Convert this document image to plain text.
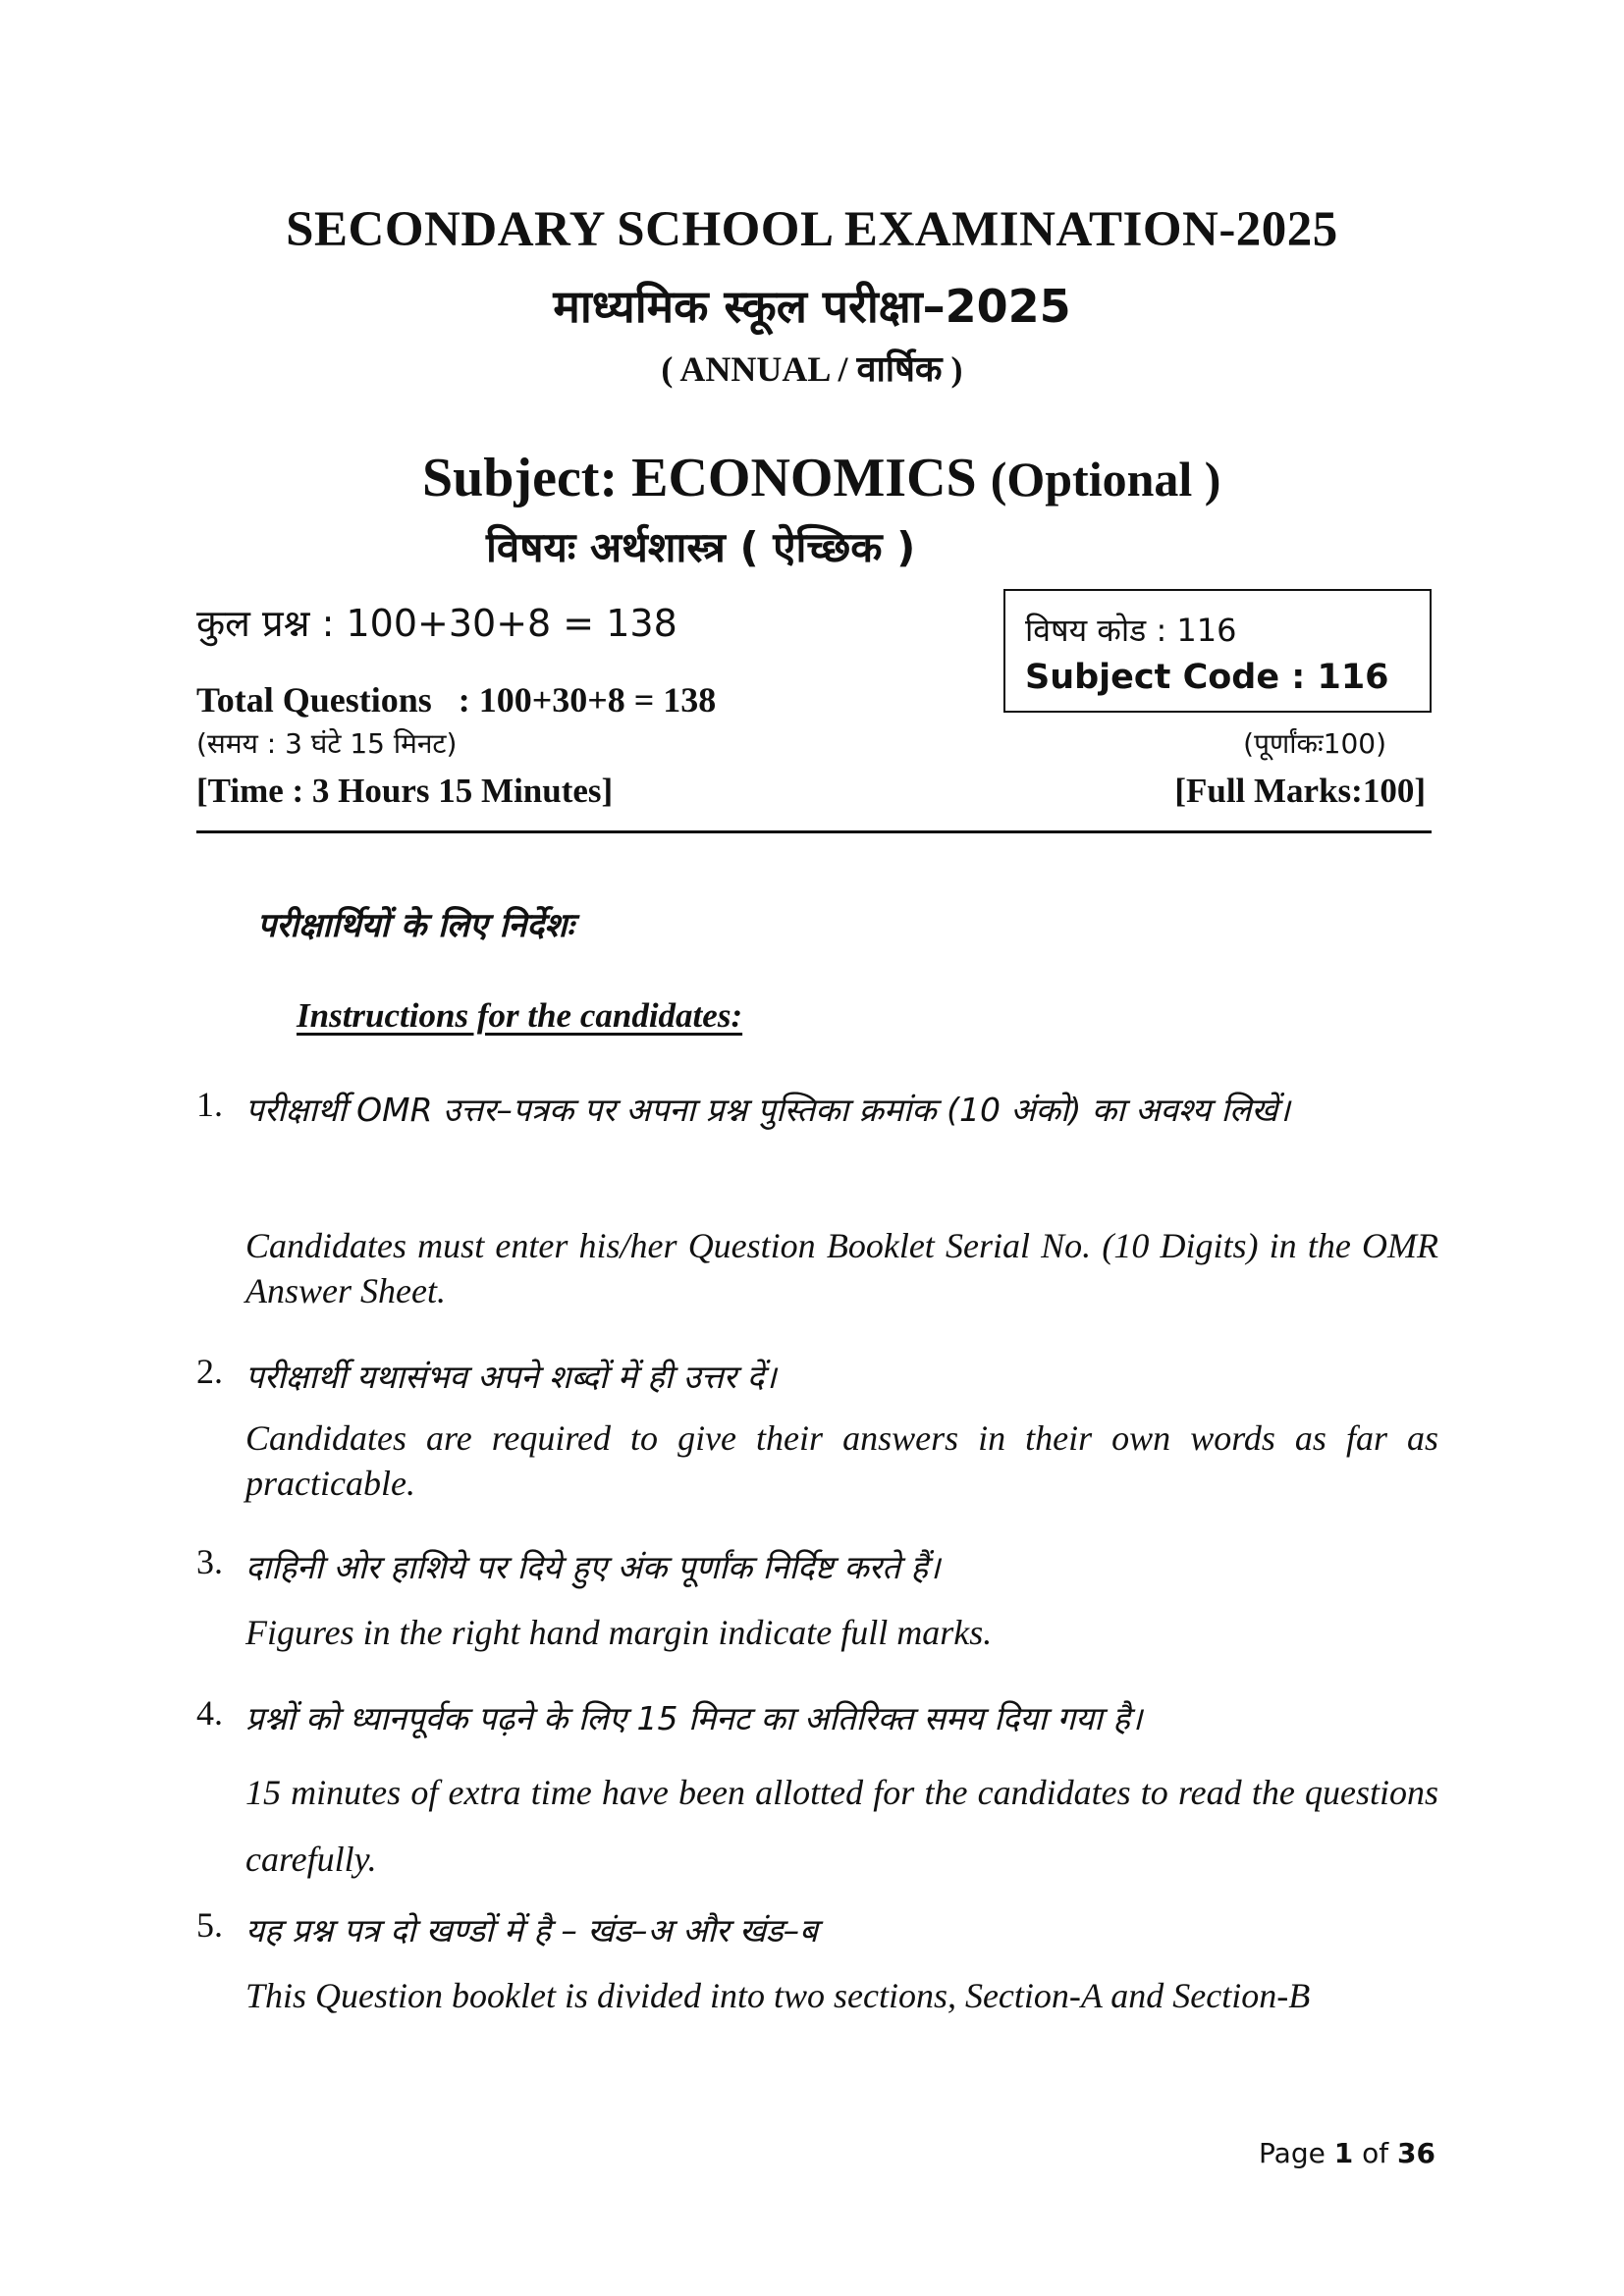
SECONDARY SCHOOL EXAMINATION-2025
माध्यमिक स्कूल परीक्षा–2025
( ANNUAL / वार्षिक )
Subject: ECONOMICS (Optional )
विषयः अर्थशास्त्र ( ऐच्छिक )
कुल प्रश्न : 100+30+8 = 138
Total Questions   : 100+30+8 = 138
(समय : 3 घंटे 15 मिनट)
[Time : 3 Hours 15 Minutes]
विषय कोड : 116
Subject Code : 116
(पूर्णांकः100)
[Full Marks:100]
परीक्षार्थियों के लिए निर्देशः
Instructions for the candidates:
1. परीक्षार्थी OMR उत्तर–पत्रक पर अपना प्रश्न पुस्तिका क्रमांक (10 अंको) का अवश्य लिखें।
Candidates must enter his/her Question Booklet Serial No. (10 Digits) in the OMR Answer Sheet.
2. परीक्षार्थी यथासंभव अपने शब्दों में ही उत्तर दें।
Candidates are required to give their answers in their own words as far as practicable.
3. दाहिनी ओर हाशिये पर दिये हुए अंक पूर्णांक निर्दिष्ट करते हैं।
Figures in the right hand margin indicate full marks.
4. प्रश्नों को ध्यानपूर्वक पढ़ने के लिए 15 मिनट का अतिरिक्त समय दिया गया है।
15 minutes of extra time have been allotted for the candidates to read the questions carefully.
5. यह प्रश्न पत्र दो खण्डों में है – खंड–अ और खंड–ब
This Question booklet is divided into two sections, Section-A and Section-B
Page 1 of 36
